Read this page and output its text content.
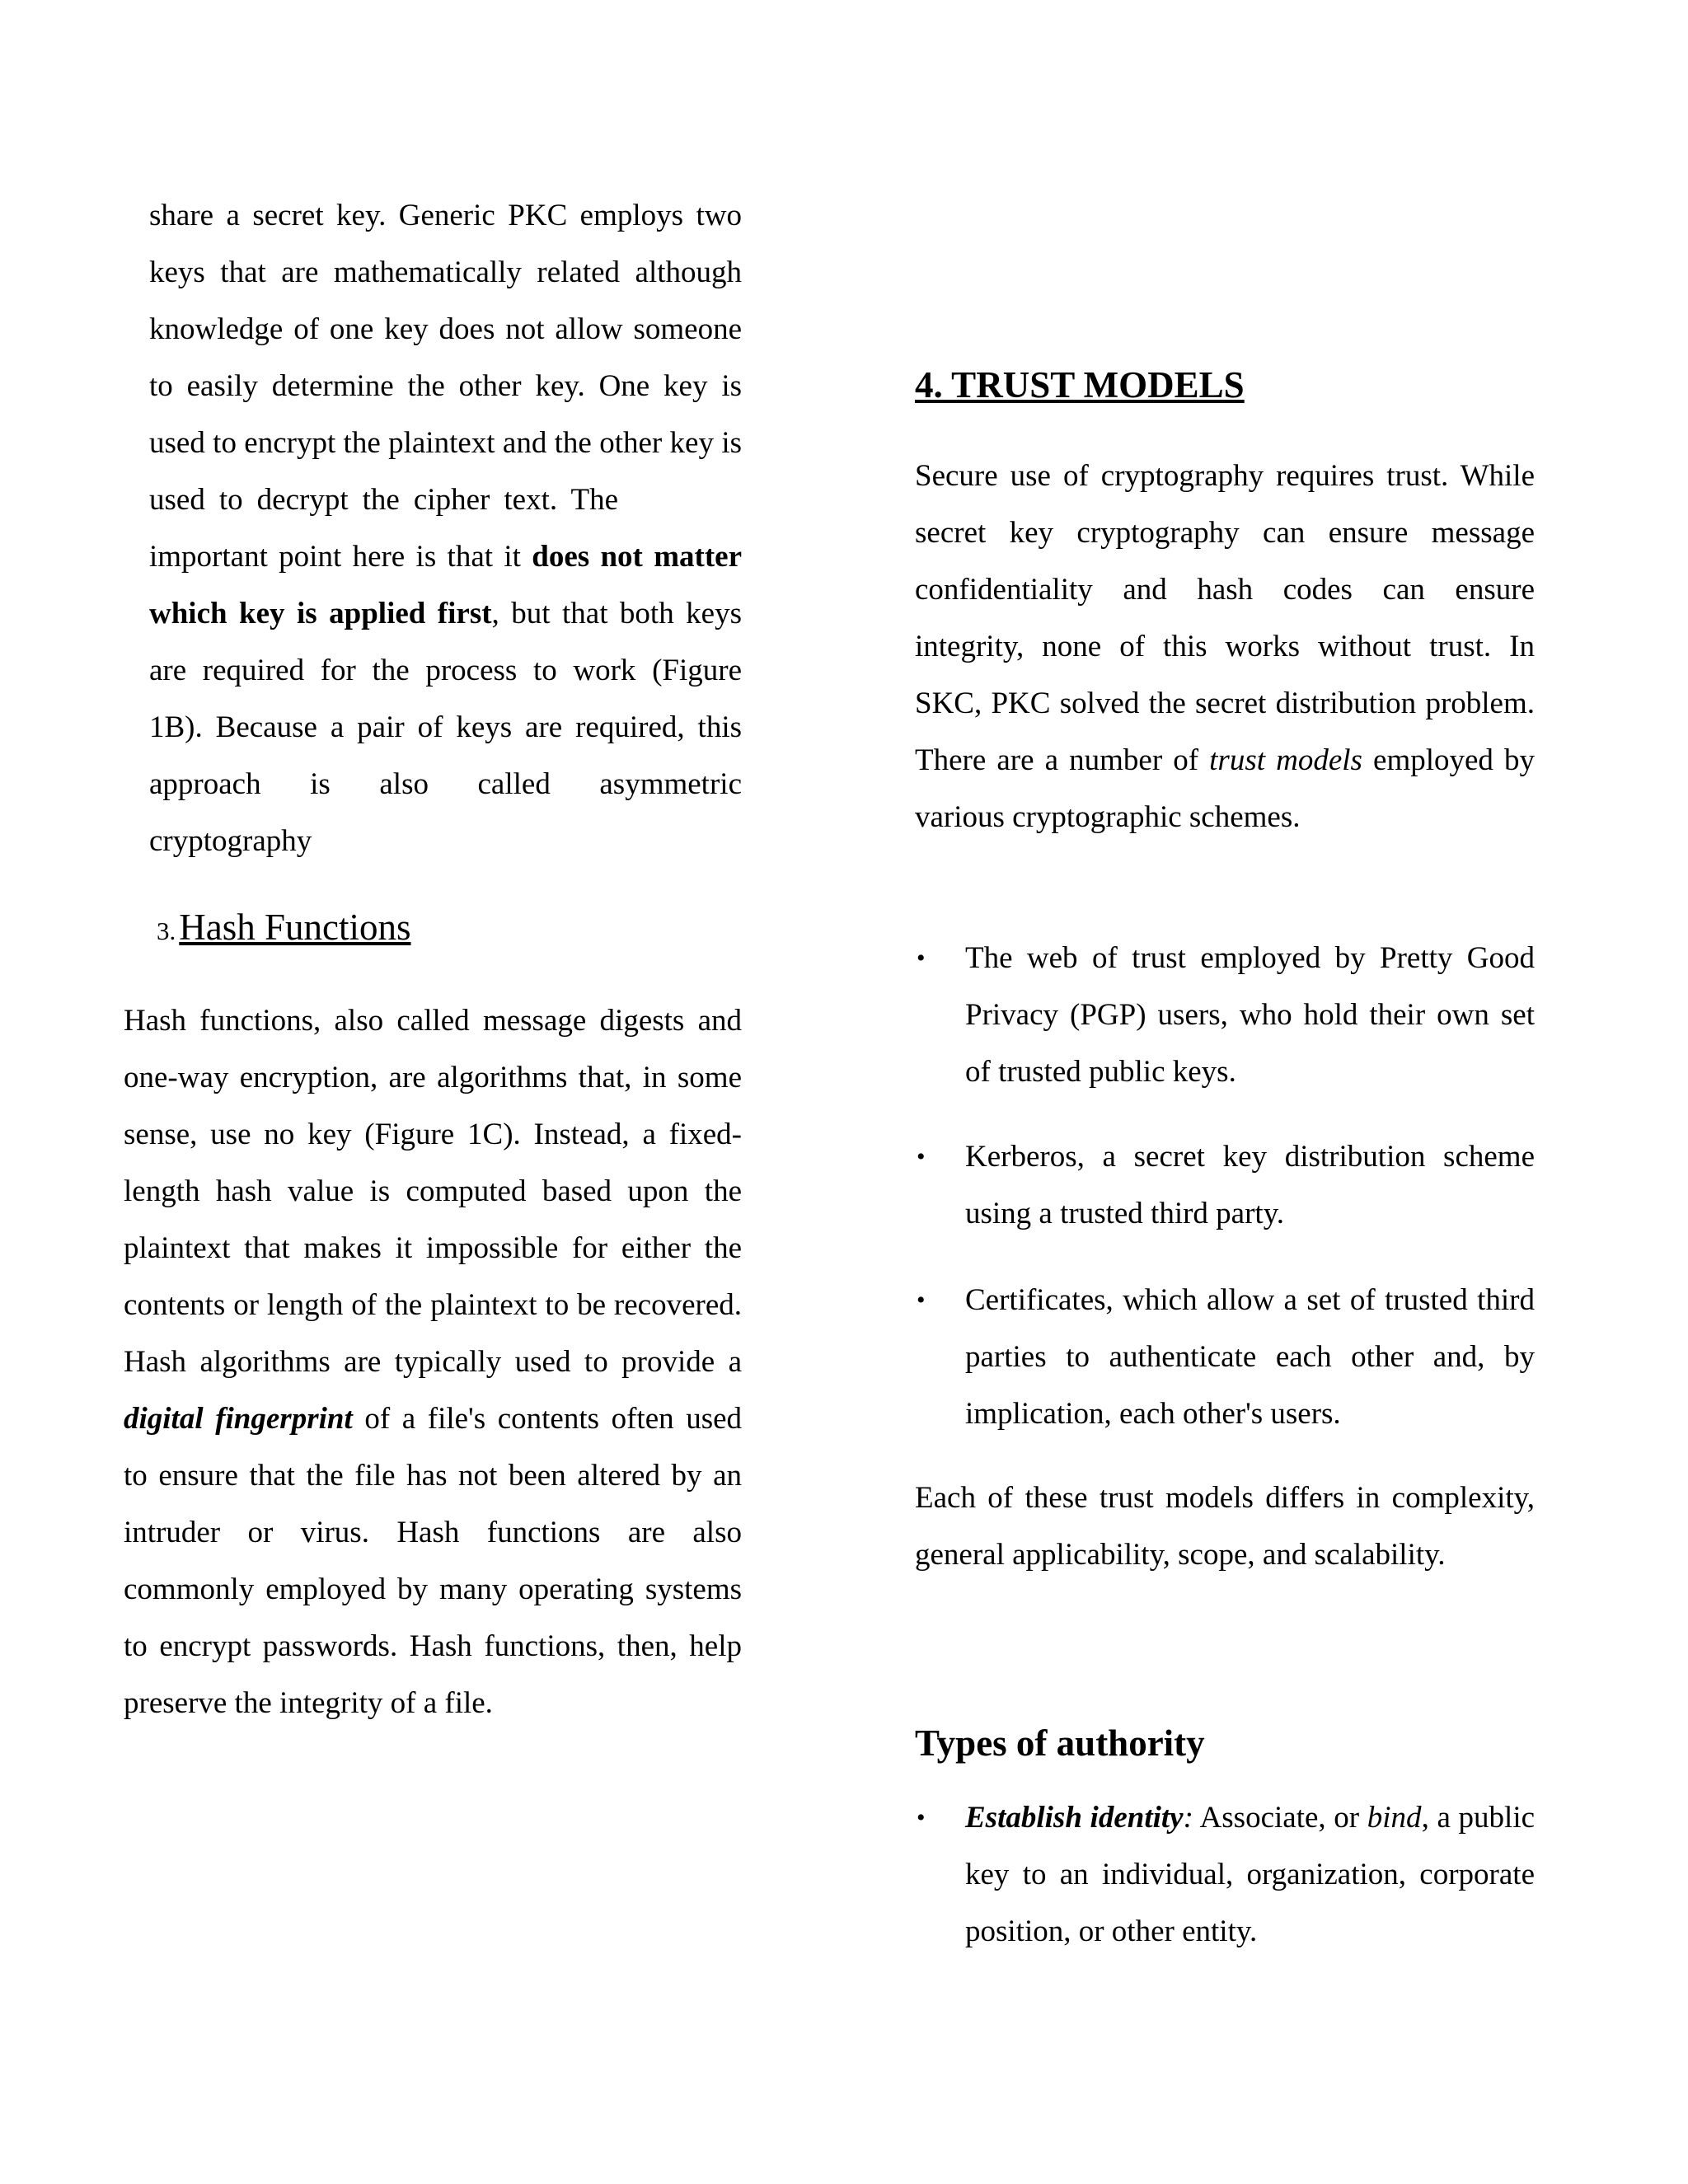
share a secret key. Generic PKC employs two keys that are mathematically related although knowledge of one key does not allow someone to easily determine the other key. One key is used to encrypt the plaintext and the other key is used to decrypt the cipher text. Theimportant point here is that it does not matter which key is applied first, but that both keys are required for the process to work (Figure 1B). Because a pair of keys are required, this approach is also called asymmetric cryptography

3. Hash Functions

Hash functions, also called message digests and one-way encryption, are algorithms that, in some sense, use no key (Figure 1C). Instead, a fixed-length hash value is computed based upon the plaintext that makes it impossible for either the contents or length of the plaintext to be recovered. Hash algorithms are typically used to provide a digital fingerprint of a file's contents often used to ensure that the file has not been altered by an intruder or virus. Hash functions are also commonly employed by many operating systems to encrypt passwords. Hash functions, then, help preserve the integrity of a file.

4. TRUST MODELS

Secure use of cryptography requires trust. While secret key cryptography can ensure message confidentiality and hash codes can ensure integrity, none of this works without trust. In SKC, PKC solved the secret distribution problem. There are a number of trust models employed by various cryptographic schemes.

• The web of trust employed by Pretty Good Privacy (PGP) users, who hold their own set of trusted public keys.

• Kerberos, a secret key distribution scheme using a trusted third party.

• Certificates, which allow a set of trusted third parties to authenticate each other and, by implication, each other's users.

Each of these trust models differs in complexity, general applicability, scope, and scalability.

Types of authority
• Establish identity: Associate, or bind, a public key to an individual, organization, corporate position, or other entity.
